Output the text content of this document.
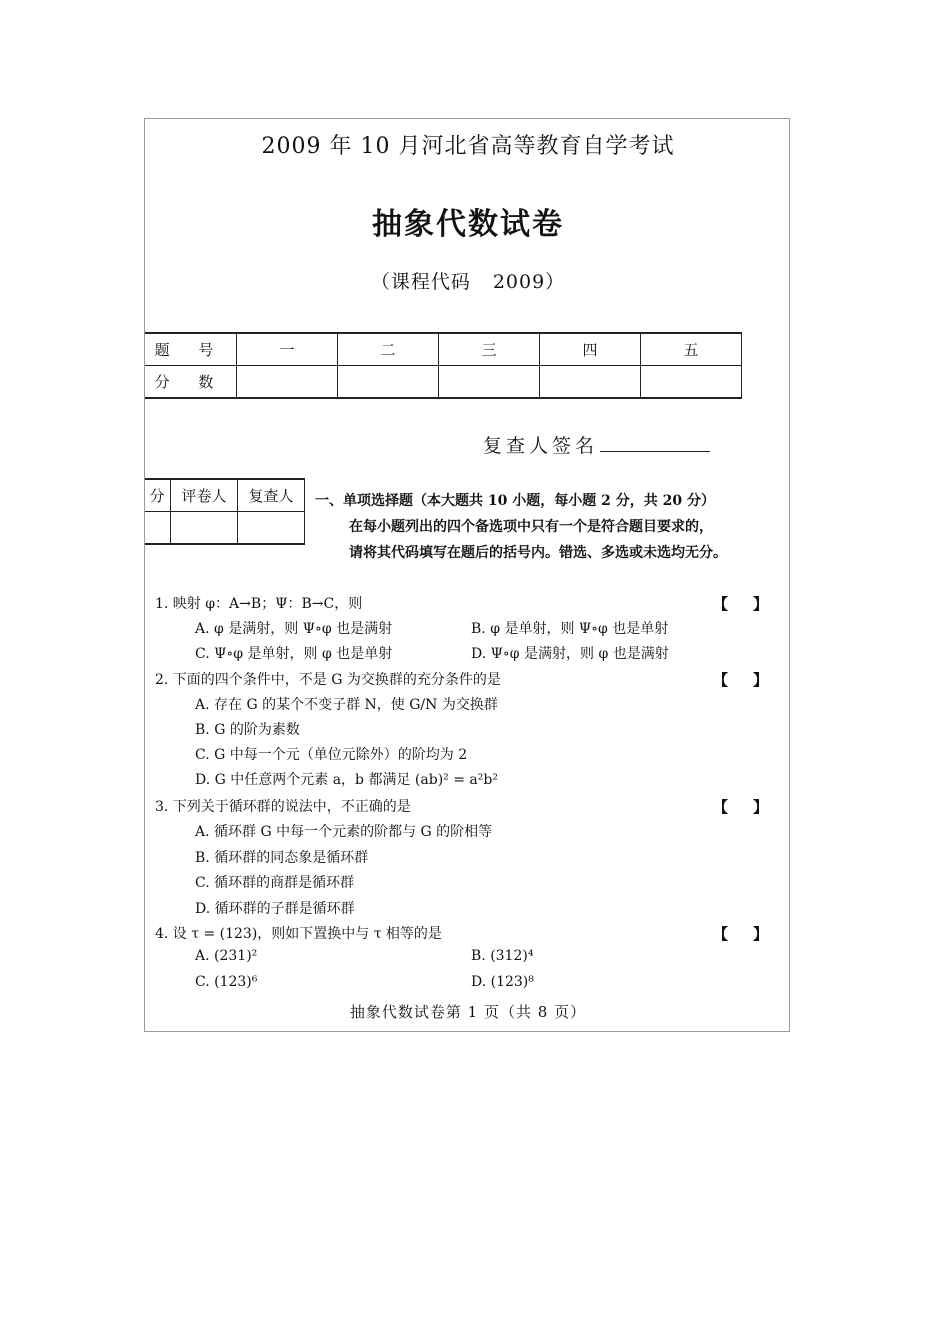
2009 年 10 月河北省高等教育自学考试
抽象代数试卷
（课程代码 2009）
题 号	一	二	三	四	五
分 数					
复查人签名
分	评卷人	复查人
		一、单项选择题（本大题共 10 小题，每小题 2 分，共 20 分）
在每小题列出的四个备选项中只有一个是符合题目要求的，
请将其代码填写在题后的括号内。错选、多选或未选均无分。
1. 映射 φ：A→B；Ψ：B→C，则	【 】
A. φ 是满射，则 Ψ∘φ 也是满射	B. φ 是单射，则 Ψ∘φ 也是单射
C. Ψ∘φ 是单射，则 φ 也是单射	D. Ψ∘φ 是满射，则 φ 也是满射
2. 下面的四个条件中，不是 G 为交换群的充分条件的是	【 】
A. 存在 G 的某个不变子群 N，使 G/N 为交换群
B. G 的阶为素数
C. G 中每一个元（单位元除外）的阶均为 2
D. G 中任意两个元素 a，b 都满足 (ab)² = a²b²
3. 下列关于循环群的说法中，不正确的是	【 】
A. 循环群 G 中每一个元素的阶都与 G 的阶相等
B. 循环群的同态象是循环群
C. 循环群的商群是循环群
D. 循环群的子群是循环群
4. 设 τ = (123)，则如下置换中与 τ 相等的是	【 】
A. (231)²	B. (312)⁴
C. (123)⁶	D. (123)⁸
抽象代数试卷第 1 页（共 8 页）
